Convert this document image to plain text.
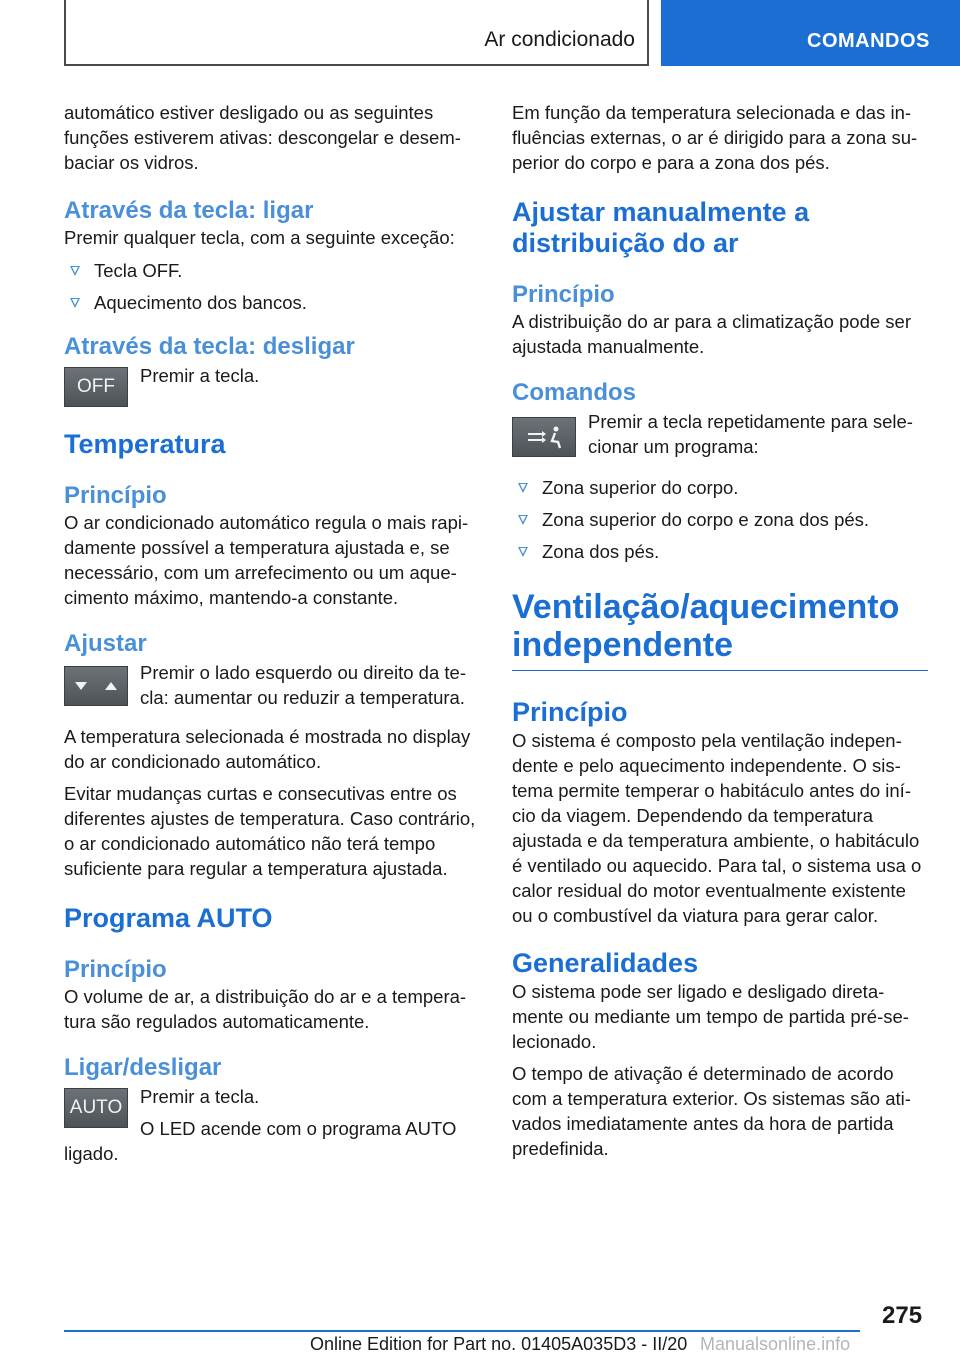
Ar condicionado	COMANDOS

automático estiver desligado ou as seguintes funções estiverem ativas: descongelar e desembaciar os vidros.

Através da tecla: ligar

Premir qualquer tecla, com a seguinte exceção:

Tecla OFF.
Aquecimento dos bancos.
Através da tecla: desligar
OFF

Premir a tecla.

Temperatura
Princípio

O ar condicionado automático regula o mais rapidamente possível a temperatura ajustada e, se necessário, com um arrefecimento ou um aquecimento máximo, mantendo-a constante.

Ajustar

Premir o lado esquerdo ou direito da tecla: aumentar ou reduzir a temperatura.

A temperatura selecionada é mostrada no display do ar condicionado automático.

Evitar mudanças curtas e consecutivas entre os diferentes ajustes de temperatura. Caso contrário, o ar condicionado automático não terá tempo suficiente para regular a temperatura ajustada.

Programa AUTO
Princípio

O volume de ar, a distribuição do ar e a temperatura são regulados automaticamente.

Ligar/desligar
AUTO

Premir a tecla.

O LED acende com o programa AUTO ligado.

Em função da temperatura selecionada e das influências externas, o ar é dirigido para a zona superior do corpo e para a zona dos pés.

Ajustar manualmente a distribuição do ar
Princípio

A distribuição do ar para a climatização pode ser ajustada manualmente.

Comandos

Premir a tecla repetidamente para selecionar um programa:

Zona superior do corpo.
Zona superior do corpo e zona dos pés.
Zona dos pés.
Ventilação/aquecimento independente
Princípio

O sistema é composto pela ventilação independente e pelo aquecimento independente. O sistema permite temperar o habitáculo antes do início da viagem. Dependendo da temperatura ajustada e da temperatura ambiente, o habitáculo é ventilado ou aquecido. Para tal, o sistema usa o calor residual do motor eventualmente existente ou o combustível da viatura para gerar calor.

Generalidades

O sistema pode ser ligado e desligado diretamente ou mediante um tempo de partida pré-selecionado.

O tempo de ativação é determinado de acordo com a temperatura exterior. Os sistemas são ativados imediatamente antes da hora de partida predefinida.

275
Online Edition for Part no. 01405A035D3 - II/20 Manualsonline.info
